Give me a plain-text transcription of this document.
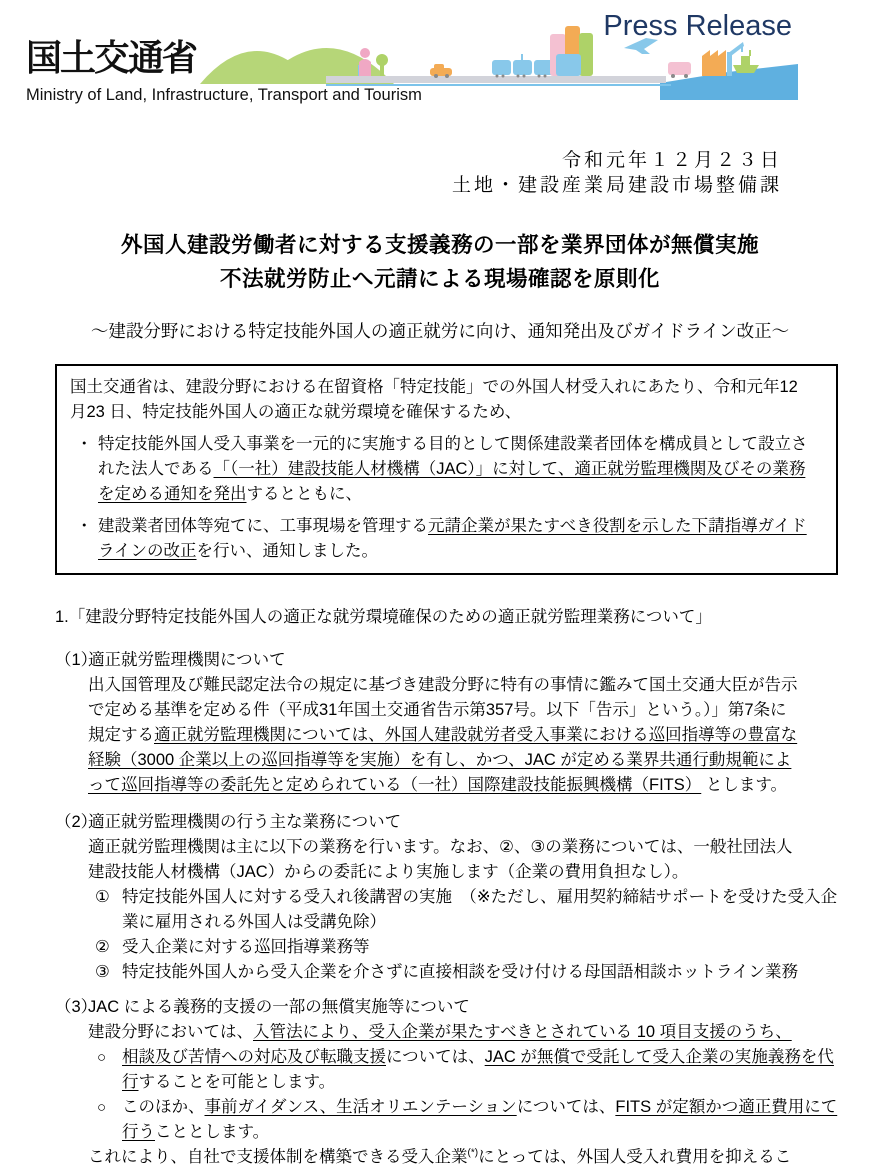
国土交通省
Ministry of Land, Infrastructure, Transport and Tourism
Press Release
令和元年１２月２３日
土地・建設産業局建設市場整備課
外国人建設労働者に対する支援義務の一部を業界団体が無償実施
不法就労防止へ元請による現場確認を原則化
～建設分野における特定技能外国人の適正就労に向け、通知発出及びガイドライン改正～

国土交通省は、建設分野における在留資格「特定技能」での外国人材受入れにあたり、令和元年12 月23 日、特定技能外国人の適正な就労環境を確保するため、

・ 特定技能外国人受入事業を一元的に実施する目的として関係建設業者団体を構成員として設立された法人である「（一社）建設技能人材機構（JAC）」に対して、適正就労監理機関及びその業務を定める通知を発出するとともに、
・ 建設業者団体等宛てに、工事現場を管理する元請企業が果たすべき役割を示した下請指導ガイドラインの改正を行い、通知しました。
1.「建設分野特定技能外国人の適正な就労環境確保のための適正就労監理業務について」
（1）
適正就労監理機関について

出入国管理及び難民認定法令の規定に基づき建設分野に特有の事情に鑑みて国土交通大臣が告示で定める基準を定める件（平成31年国土交通省告示第357号。以下「告示」という。）」第7条に規定する適正就労監理機関については、外国人建設就労者受入事業における巡回指導等の豊富な経験（3000 企業以上の巡回指導等を実施）を有し、かつ、JAC が定める業界共通行動規範によって巡回指導等の委託先と定められている（一社）国際建設技能振興機構（FITS） とします。

（2）
適正就労監理機関の行う主な業務について

適正就労監理機関は主に以下の業務を行います。なお、②、③の業務については、一般社団法人建設技能人材機構（JAC）からの委託により実施します（企業の費用負担なし）。

① 特定技能外国人に対する受入れ後講習の実施　（※ただし、雇用契約締結サポートを受けた受入企業に雇用される外国人は受講免除）

② 受入企業に対する巡回指導業務等

③ 特定技能外国人から受入企業を介さずに直接相談を受け付ける母国語相談ホットライン業務

（3）
JAC による義務的支援の一部の無償実施等について

建設分野においては、入管法により、受入企業が果たすべきとされている 10 項目支援のうち、

○ 相談及び苦情への対応及び転職支援については、JAC が無償で受託して受入企業の実施義務を代行することを可能とします。

○ このほか、事前ガイダンス、生活オリエンテーションについては、FITS が定額かつ適正費用にて行うこととします。

これにより、自社で支援体制を構築できる受入企業(*)にとっては、外国人受入れ費用を抑えるこ
